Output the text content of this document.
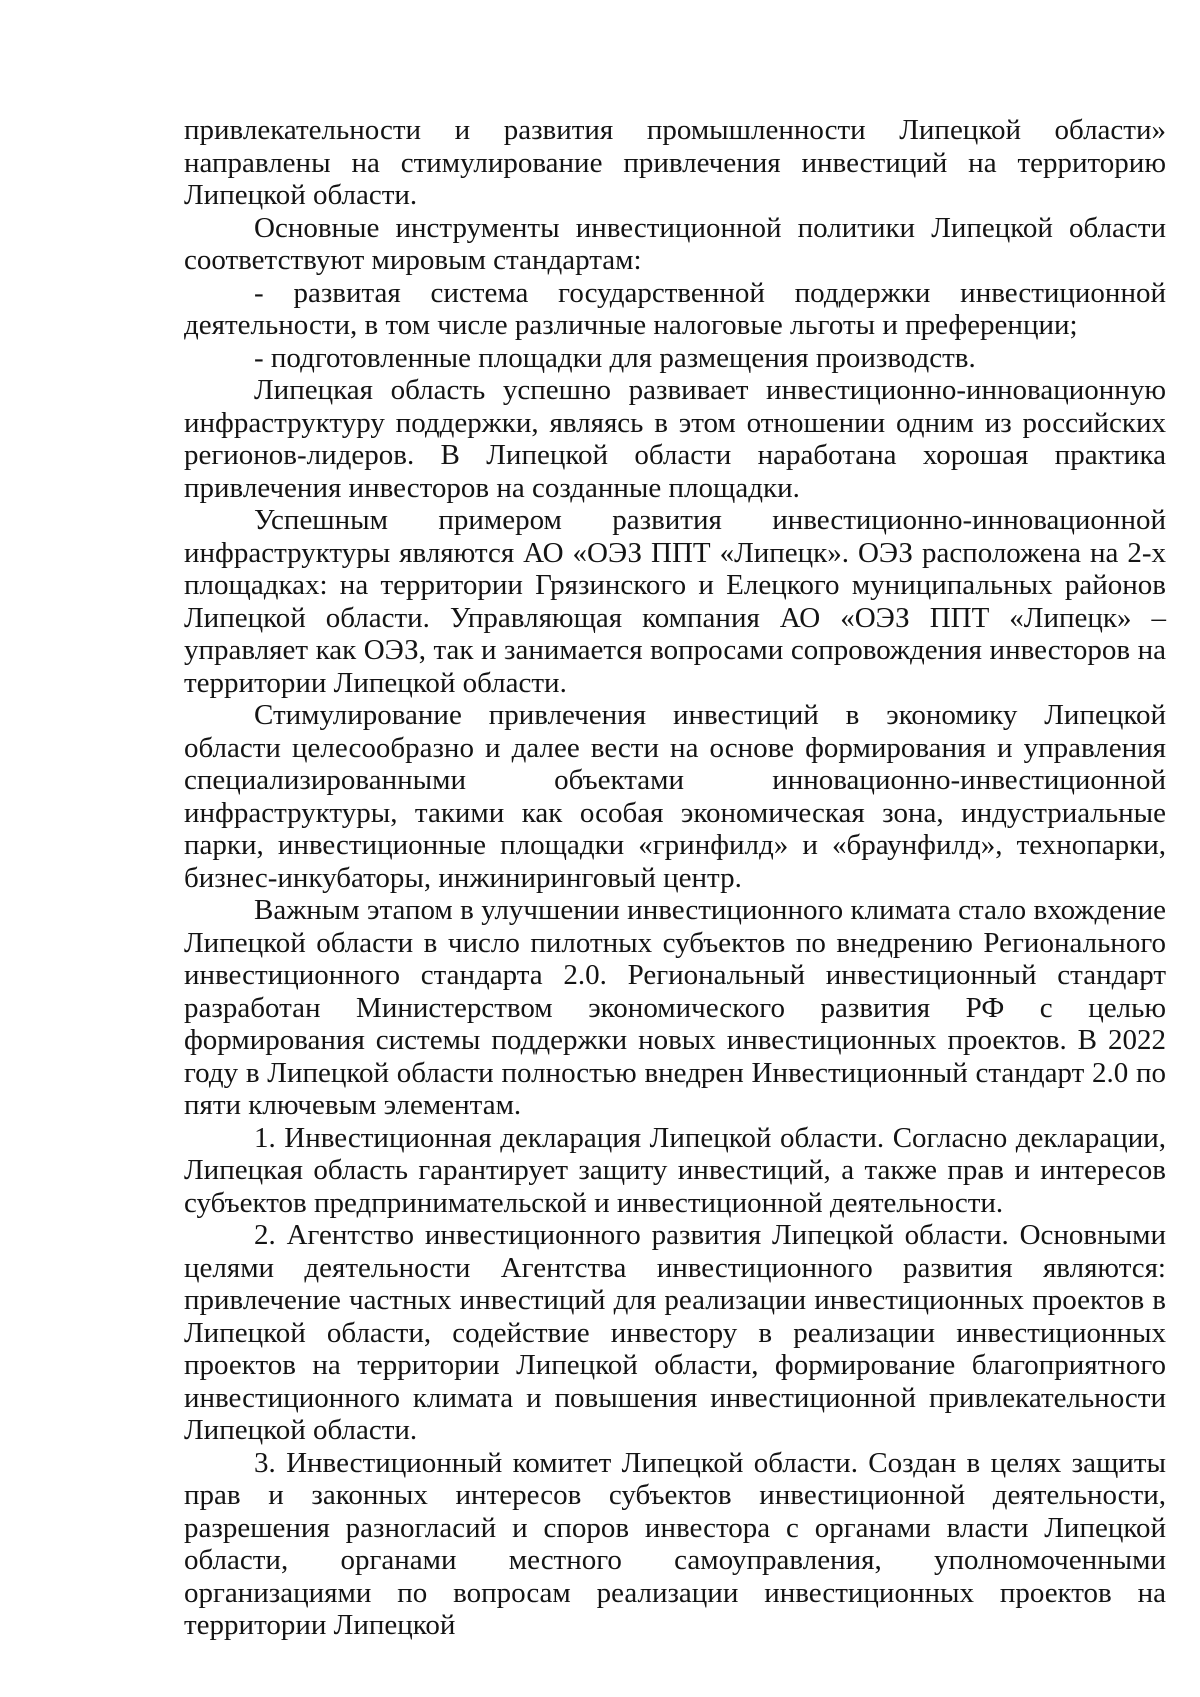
привлекательности и развития промышленности Липецкой области» направлены на стимулирование привлечения инвестиций на территорию Липецкой области.

Основные инструменты инвестиционной политики Липецкой области соответствуют мировым стандартам:

- развитая система государственной поддержки инвестиционной деятельности, в том числе различные налоговые льготы и преференции;

- подготовленные площадки для размещения производств.

Липецкая область успешно развивает инвестиционно-инновационную инфраструктуру поддержки, являясь в этом отношении одним из российских регионов-лидеров. В Липецкой области наработана хорошая практика привлечения инвесторов на созданные площадки.

Успешным примером развития инвестиционно-инновационной инфраструктуры являются АО «ОЭЗ ППТ «Липецк». ОЭЗ расположена на 2-х площадках: на территории Грязинского и Елецкого муниципальных районов Липецкой области. Управляющая компания АО «ОЭЗ ППТ «Липецк» – управляет как ОЭЗ, так и занимается вопросами сопровождения инвесторов на территории Липецкой области.

Стимулирование привлечения инвестиций в экономику Липецкой области целесообразно и далее вести на основе формирования и управления специализированными объектами инновационно-инвестиционной инфраструктуры, такими как особая экономическая зона, индустриальные парки, инвестиционные площадки «гринфилд» и «браунфилд», технопарки, бизнес-инкубаторы, инжиниринговый центр.

Важным этапом в улучшении инвестиционного климата стало вхождение Липецкой области в число пилотных субъектов по внедрению Регионального инвестиционного стандарта 2.0. Региональный инвестиционный стандарт разработан Министерством экономического развития РФ с целью формирования системы поддержки новых инвестиционных проектов. В 2022 году в Липецкой области полностью внедрен Инвестиционный стандарт 2.0 по пяти ключевым элементам.

1. Инвестиционная декларация Липецкой области. Согласно декларации, Липецкая область гарантирует защиту инвестиций, а также прав и интересов субъектов предпринимательской и инвестиционной деятельности.

2. Агентство инвестиционного развития Липецкой области. Основными целями деятельности Агентства инвестиционного развития являются: привлечение частных инвестиций для реализации инвестиционных проектов в Липецкой области, содействие инвестору в реализации инвестиционных проектов на территории Липецкой области, формирование благоприятного инвестиционного климата и повышения инвестиционной привлекательности Липецкой области.

3. Инвестиционный комитет Липецкой области. Создан в целях защиты прав и законных интересов субъектов инвестиционной деятельности, разрешения разногласий и споров инвестора с органами власти Липецкой области, органами местного самоуправления, уполномоченными организациями по вопросам реализации инвестиционных проектов на территории Липецкой
